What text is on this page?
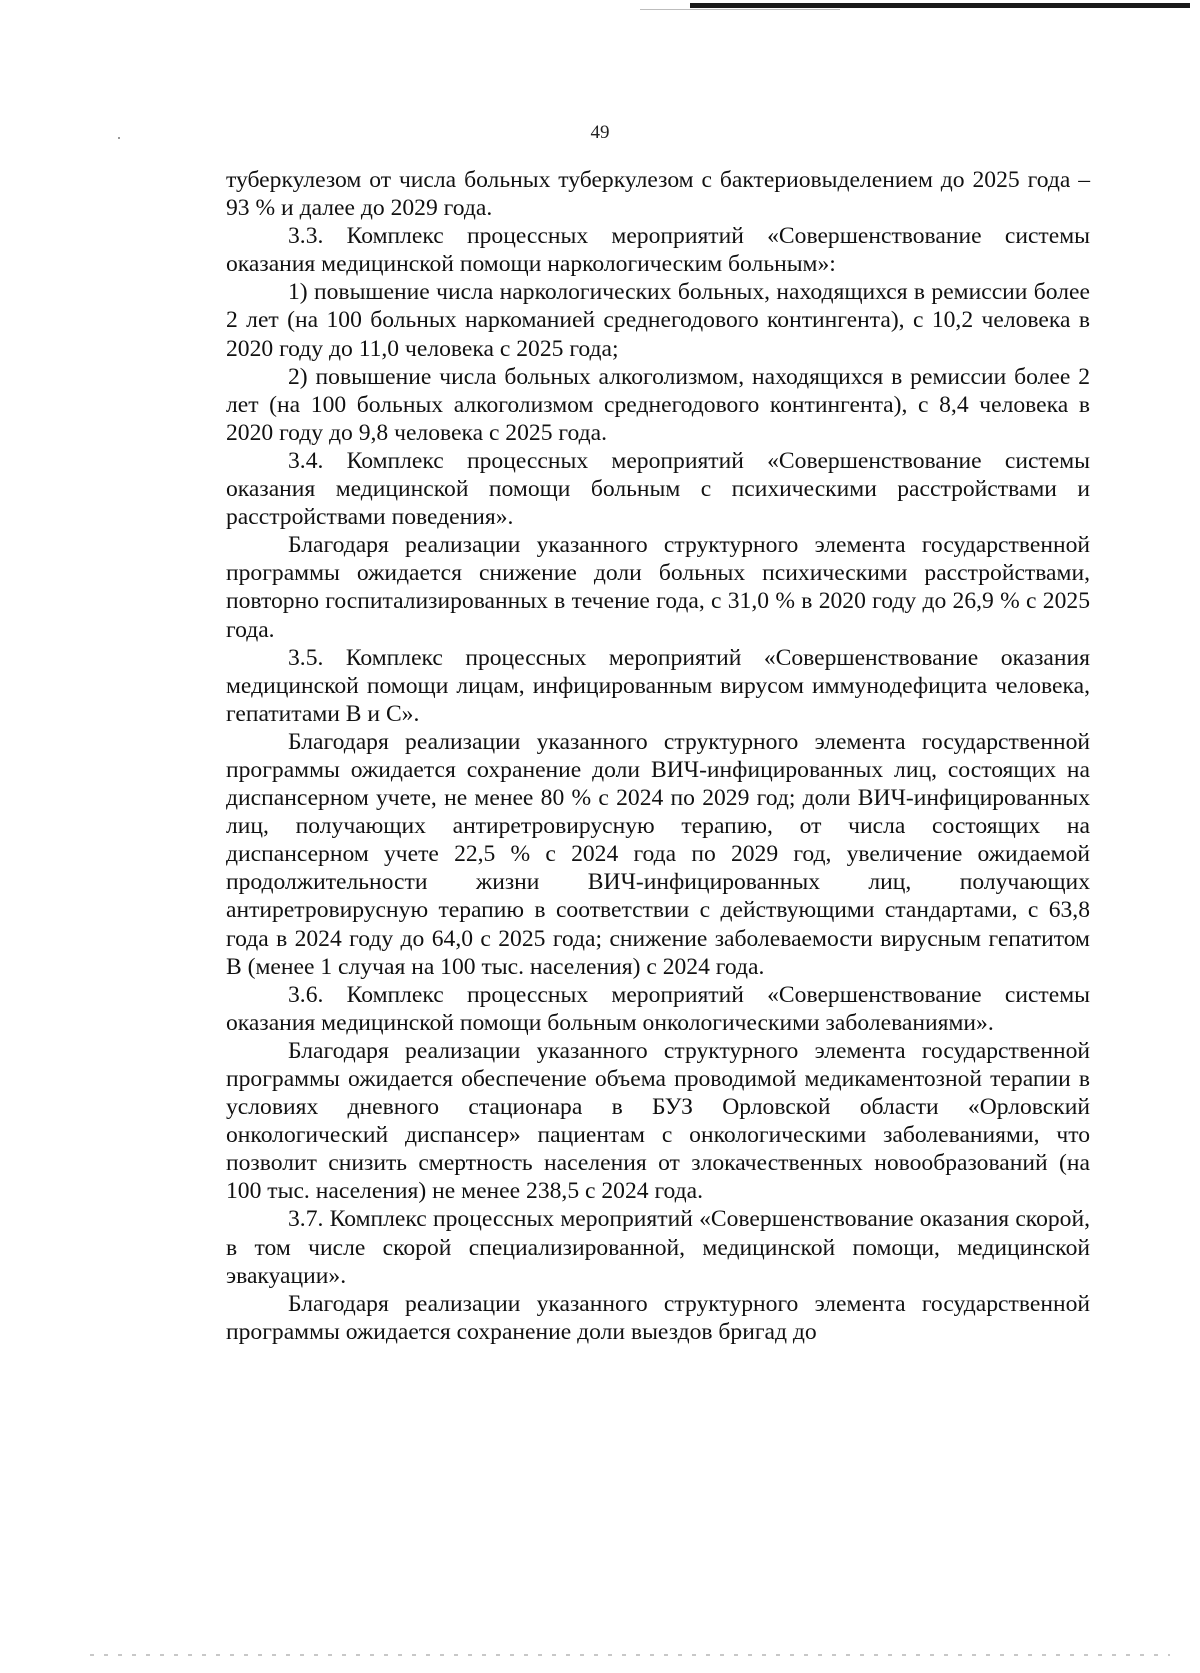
49

туберкулезом от числа больных туберкулезом с бактериовыделением до 2025 года – 93 % и далее до 2029 года.

3.3. Комплекс процессных мероприятий «Совершенствование системы оказания медицинской помощи наркологическим больным»:

1) повышение числа наркологических больных, находящихся в ремиссии более 2 лет (на 100 больных наркоманией среднегодового контингента), с 10,2 человека в 2020 году до 11,0 человека с 2025 года;

2) повышение числа больных алкоголизмом, находящихся в ремиссии более 2 лет (на 100 больных алкоголизмом среднегодового контингента), с 8,4 человека в 2020 году до 9,8 человека с 2025 года.

3.4. Комплекс процессных мероприятий «Совершенствование системы оказания медицинской помощи больным с психическими расстройствами и расстройствами поведения».

Благодаря реализации указанного структурного элемента государственной программы ожидается снижение доли больных психическими расстройствами, повторно госпитализированных в течение года, с 31,0 % в 2020 году до 26,9 % с 2025 года.

3.5. Комплекс процессных мероприятий «Совершенствование оказания медицинской помощи лицам, инфицированным вирусом иммунодефицита человека, гепатитами B и C».

Благодаря реализации указанного структурного элемента государственной программы ожидается сохранение доли ВИЧ-инфицированных лиц, состоящих на диспансерном учете, не менее 80 % с 2024 по 2029 год; доли ВИЧ-инфицированных лиц, получающих антиретровирусную терапию, от числа состоящих на диспансерном учете 22,5 % с 2024 года по 2029 год, увеличение ожидаемой продолжительности жизни ВИЧ-инфицированных лиц, получающих антиретровирусную терапию в соответствии с действующими стандартами, с 63,8 года в 2024 году до 64,0 с 2025 года; снижение заболеваемости вирусным гепатитом B (менее 1 случая на 100 тыс. населения) с 2024 года.

3.6. Комплекс процессных мероприятий «Совершенствование системы оказания медицинской помощи больным онкологическими заболеваниями».

Благодаря реализации указанного структурного элемента государственной программы ожидается обеспечение объема проводимой медикаментозной терапии в условиях дневного стационара в БУЗ Орловской области «Орловский онкологический диспансер» пациентам с онкологическими заболеваниями, что позволит снизить смертность населения от злокачественных новообразований (на 100 тыс. населения) не менее 238,5 с 2024 года.

3.7. Комплекс процессных мероприятий «Совершенствование оказания скорой, в том числе скорой специализированной, медицинской помощи, медицинской эвакуации».

Благодаря реализации указанного структурного элемента государственной программы ожидается сохранение доли выездов бригад до
